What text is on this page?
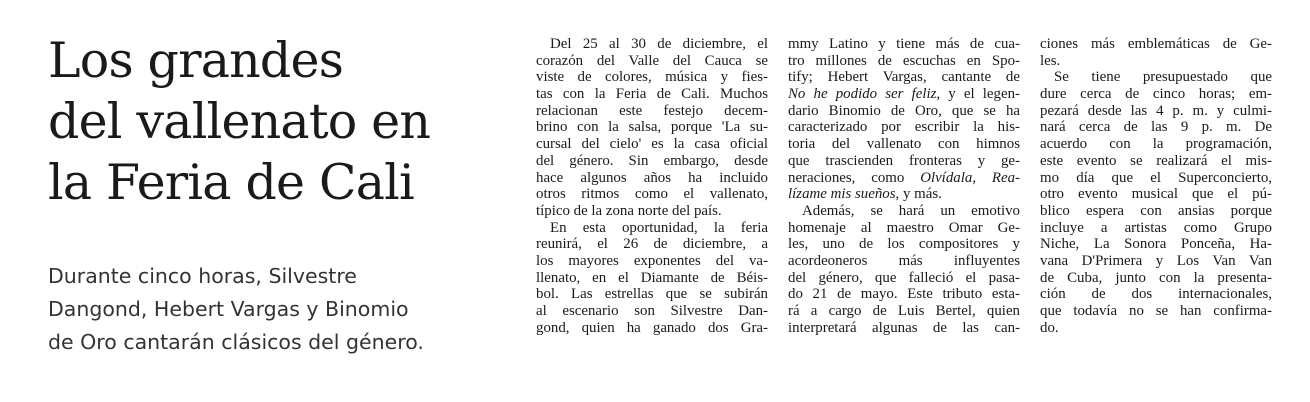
Los grandes
del vallenato en
la Feria de Cali

Durante cinco horas, Silvestre
Dangond, Hebert Vargas y Binomio
de Oro cantarán clásicos del género.

Del 25 al 30 de diciembre, el
corazón del Valle del Cauca se
viste de colores, música y fies-
tas con la Feria de Cali. Muchos
relacionan este festejo decem-
brino con la salsa, porque 'La su-
cursal del cielo' es la casa oficial
del género. Sin embargo, desde
hace algunos años ha incluido
otros ritmos como el vallenato,
típico de la zona norte del país.
En esta oportunidad, la feria
reunirá, el 26 de diciembre, a
los mayores exponentes del va-
llenato, en el Diamante de Béis-
bol. Las estrellas que se subirán
al escenario son Silvestre Dan-
gond, quien ha ganado dos Gra-
mmy Latino y tiene más de cua-
tro millones de escuchas en Spo-
tify; Hebert Vargas, cantante de
No he podido ser feliz, y el legen-
dario Binomio de Oro, que se ha
caracterizado por escribir la his-
toria del vallenato con himnos
que trascienden fronteras y ge-
neraciones, como Olvídala, Rea-
lízame mis sueños, y más.
Además, se hará un emotivo
homenaje al maestro Omar Ge-
les, uno de los compositores y
acordeoneros más influyentes
del género, que falleció el pasa-
do 21 de mayo. Este tributo esta-
rá a cargo de Luis Bertel, quien
interpretará algunas de las can-
ciones más emblemáticas de Ge-
les.
Se tiene presupuestado que
dure cerca de cinco horas; em-
pezará desde las 4 p. m. y culmi-
nará cerca de las 9 p. m. De
acuerdo con la programación,
este evento se realizará el mis-
mo día que el Superconcierto,
otro evento musical que el pú-
blico espera con ansias porque
incluye a artistas como Grupo
Niche, La Sonora Ponceña, Ha-
vana D'Primera y Los Van Van
de Cuba, junto con la presenta-
ción de dos internacionales,
que todavía no se han confirma-
do.
